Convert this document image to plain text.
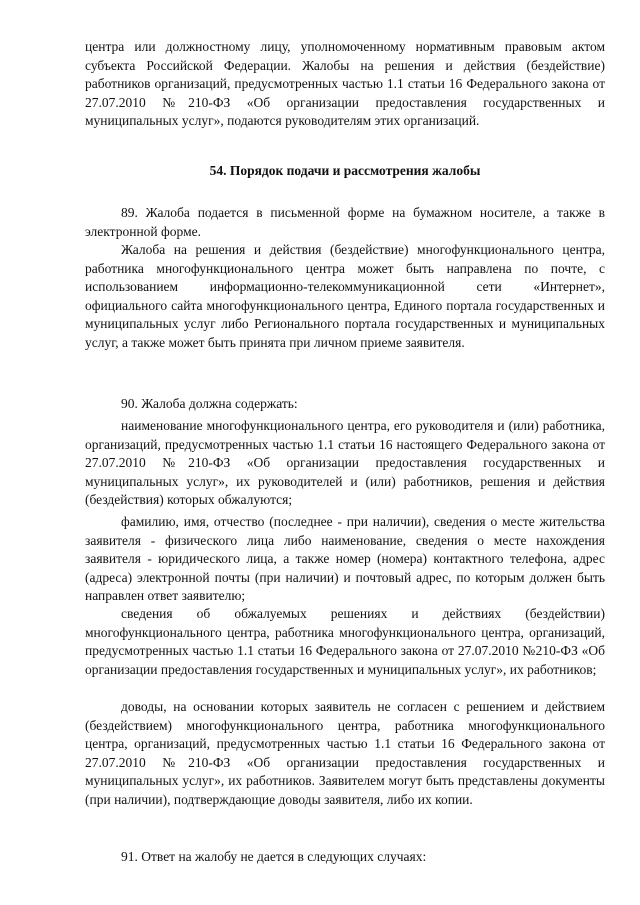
центра или должностному лицу, уполномоченному нормативным правовым актом субъекта Российской Федерации. Жалобы на решения и действия (бездействие) работников организаций, предусмотренных частью 1.1 статьи 16 Федерального закона от 27.07.2010 №210-ФЗ «Об организации предоставления государственных и муниципальных услуг», подаются руководителям этих организаций.

54. Порядок подачи и рассмотрения жалобы

89. Жалоба подается в письменной форме на бумажном носителе, а также в электронной форме.

Жалоба на решения и действия (бездействие) многофункционального центра, работника многофункционального центра может быть направлена по почте, с использованием информационно-телекоммуникационной сети «Интернет», официального сайта многофункционального центра, Единого портала государственных и муниципальных услуг либо Регионального портала государственных и муниципальных услуг, а также может быть принята при личном приеме заявителя.

90. Жалоба должна содержать:

наименование многофункционального центра, его руководителя и (или) работника, организаций, предусмотренных частью 1.1 статьи 16 настоящего Федерального закона от 27.07.2010 №210-ФЗ «Об организации предоставления государственных и муниципальных услуг», их руководителей и (или) работников, решения и действия (бездействия) которых обжалуются;

фамилию, имя, отчество (последнее - при наличии), сведения о месте жительства заявителя - физического лица либо наименование, сведения о месте нахождения заявителя - юридического лица, а также номер (номера) контактного телефона, адрес (адреса) электронной почты (при наличии) и почтовый адрес, по которым должен быть направлен ответ заявителю;

сведения об обжалуемых решениях и действиях (бездействии) многофункционального центра, работника многофункционального центра, организаций, предусмотренных частью 1.1 статьи 16 Федерального закона от 27.07.2010 №210-ФЗ «Об организации предоставления государственных и муниципальных услуг», их работников;

доводы, на основании которых заявитель не согласен с решением и действием (бездействием) многофункционального центра, работника многофункционального центра, организаций, предусмотренных частью 1.1 статьи 16 Федерального закона от 27.07.2010 №210-ФЗ «Об организации предоставления государственных и муниципальных услуг», их работников. Заявителем могут быть представлены документы (при наличии), подтверждающие доводы заявителя, либо их копии.

91. Ответ на жалобу не дается в следующих случаях:
